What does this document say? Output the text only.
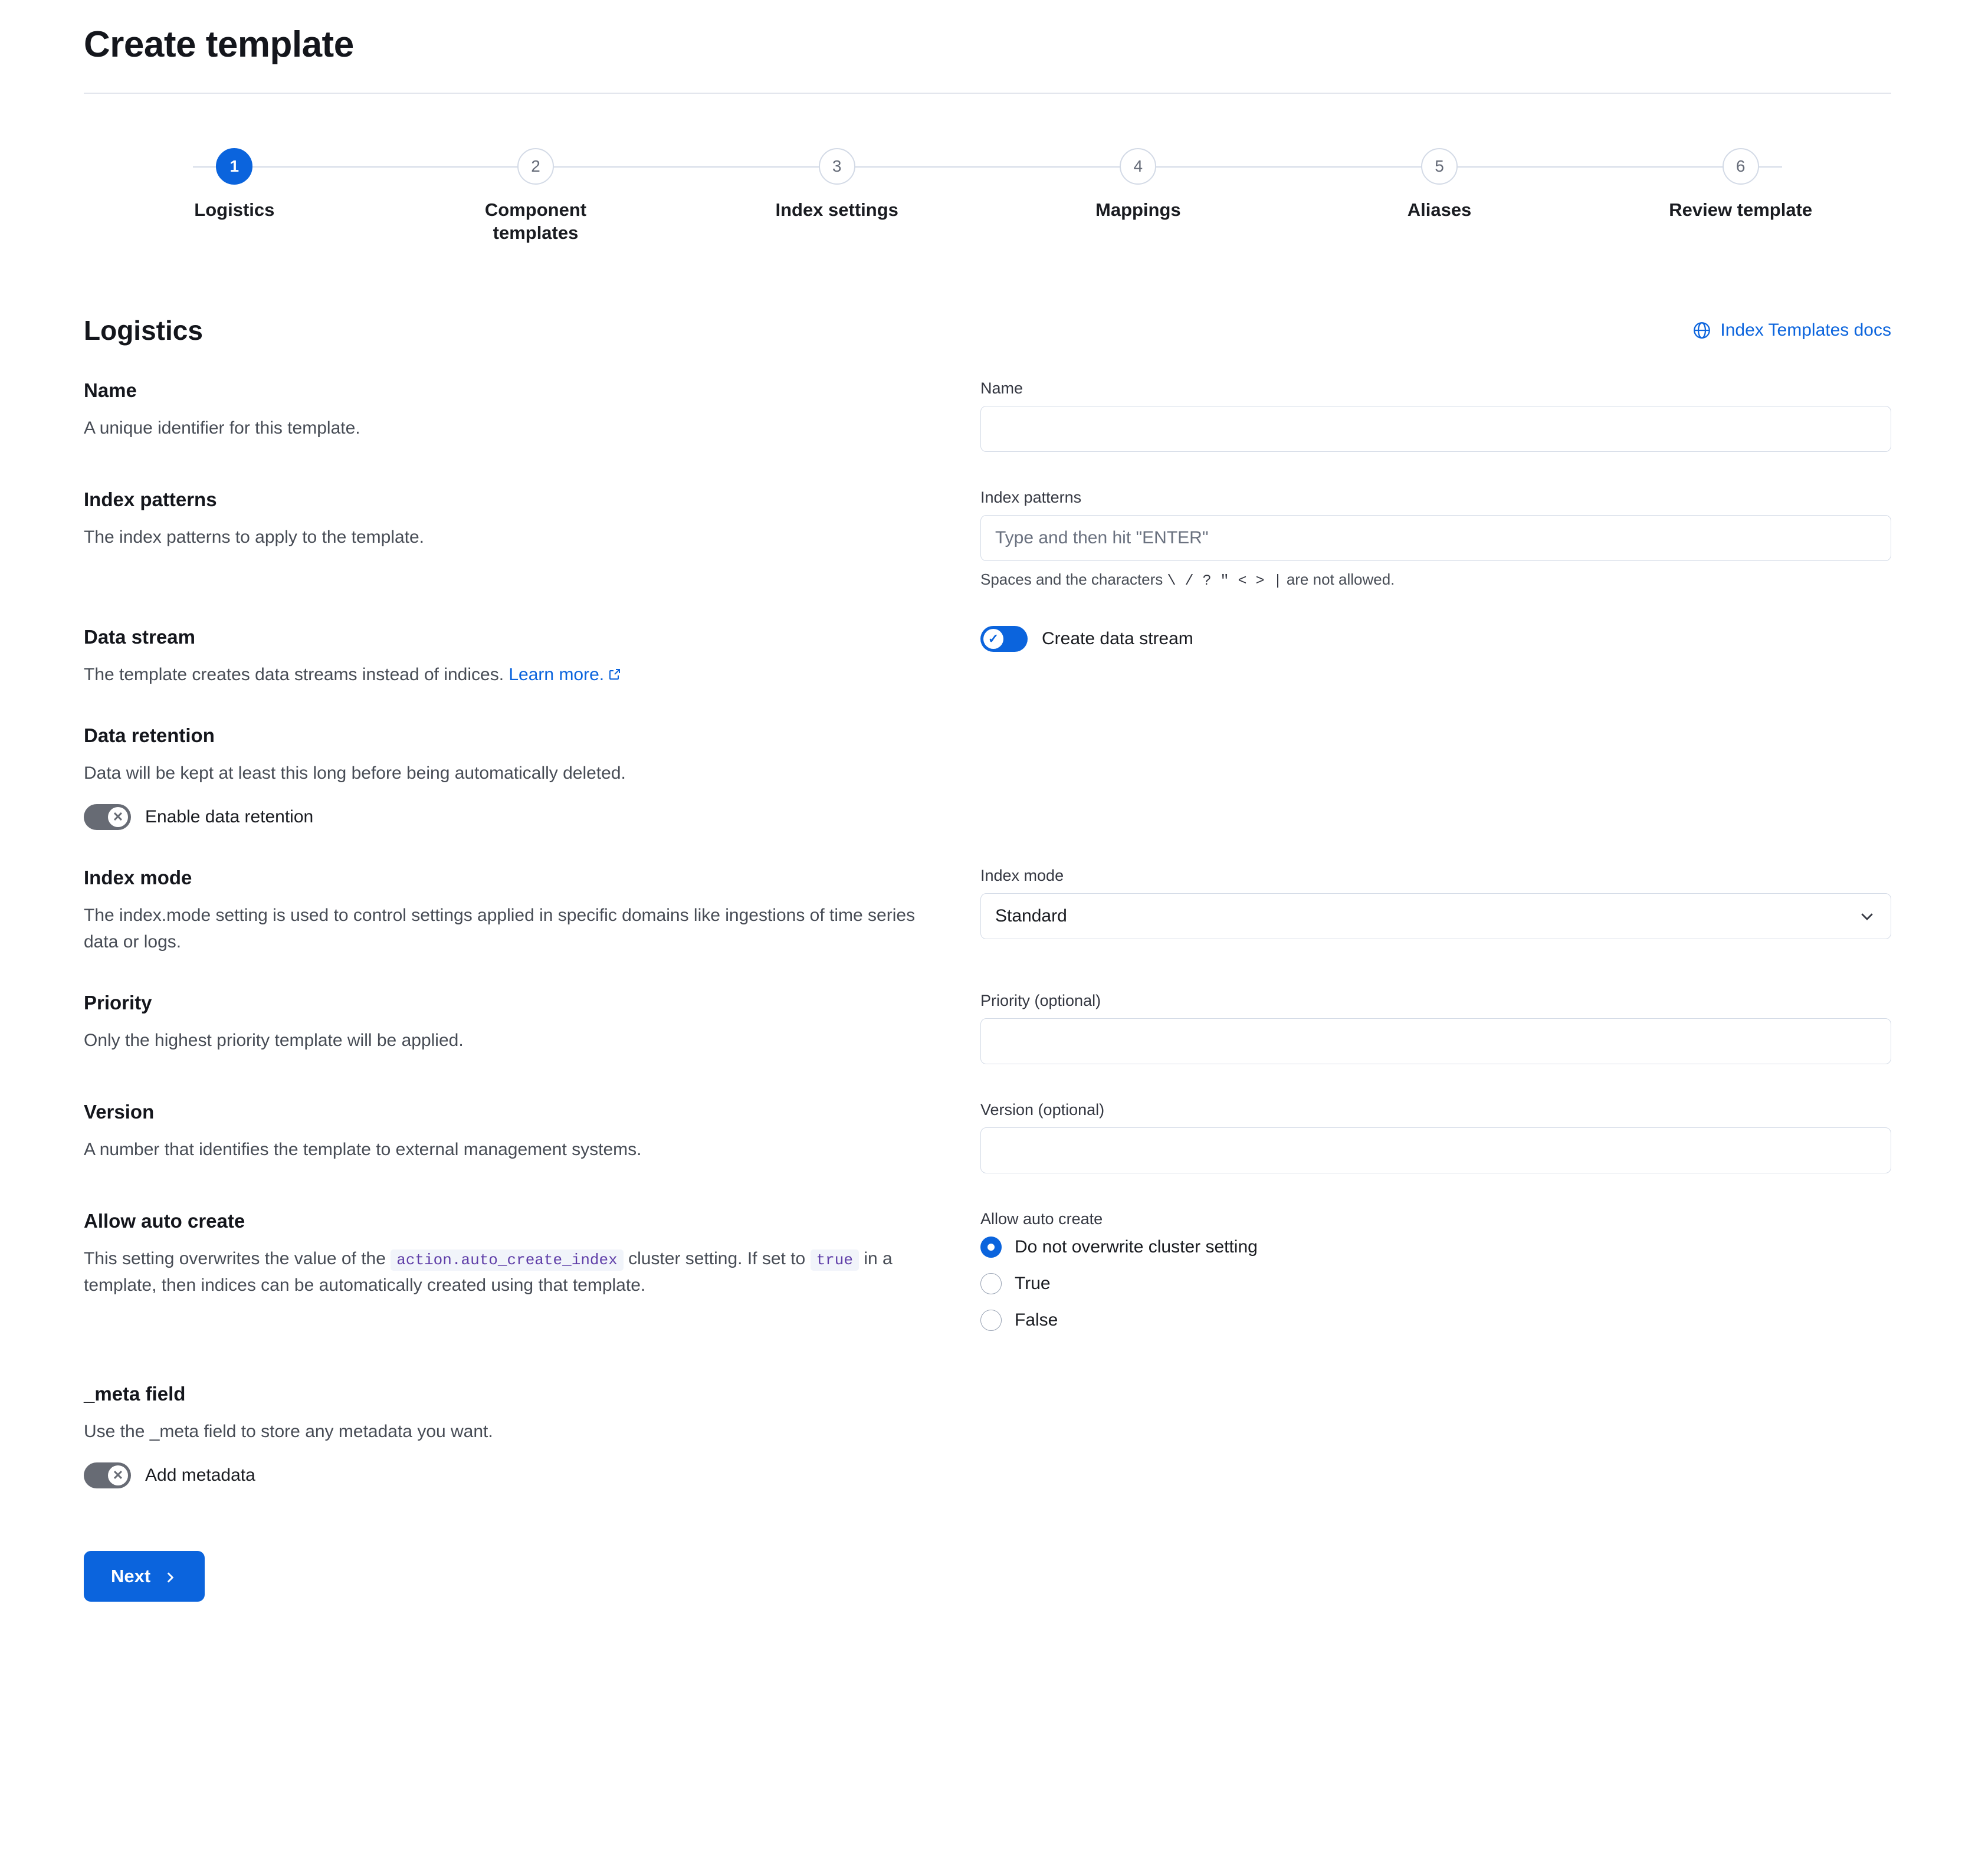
Create template
1
Logistics
2
Component templates
3
Index settings
4
Mappings
5
Aliases
6
Review template
Logistics	Index Templates docs
Name

A unique identifier for this template.

Name
Index patterns

The index patterns to apply to the template.

Index patterns
Type and then hit "ENTER"
Spaces and the characters \ / ? " < > | are not allowed.
Data stream

The template creates data streams instead of indices. Learn more.

✓ Create data stream
Data retention

Data will be kept at least this long before being automatically deleted.

✕ Enable data retention
Index mode

The index.mode setting is used to control settings applied in specific domains like ingestions of time series data or logs.

Index mode
Standard
Priority

Only the highest priority template will be applied.

Priority (optional)
Version

A number that identifies the template to external management systems.

Version (optional)
Allow auto create

This setting overwrites the value of the action.auto_create_index cluster setting. If set to true in a template, then indices can be automatically created using that template.

Allow auto create
Do not overwrite cluster setting
True
False
_meta field

Use the _meta field to store any metadata you want.

✕ Add metadata
Next
